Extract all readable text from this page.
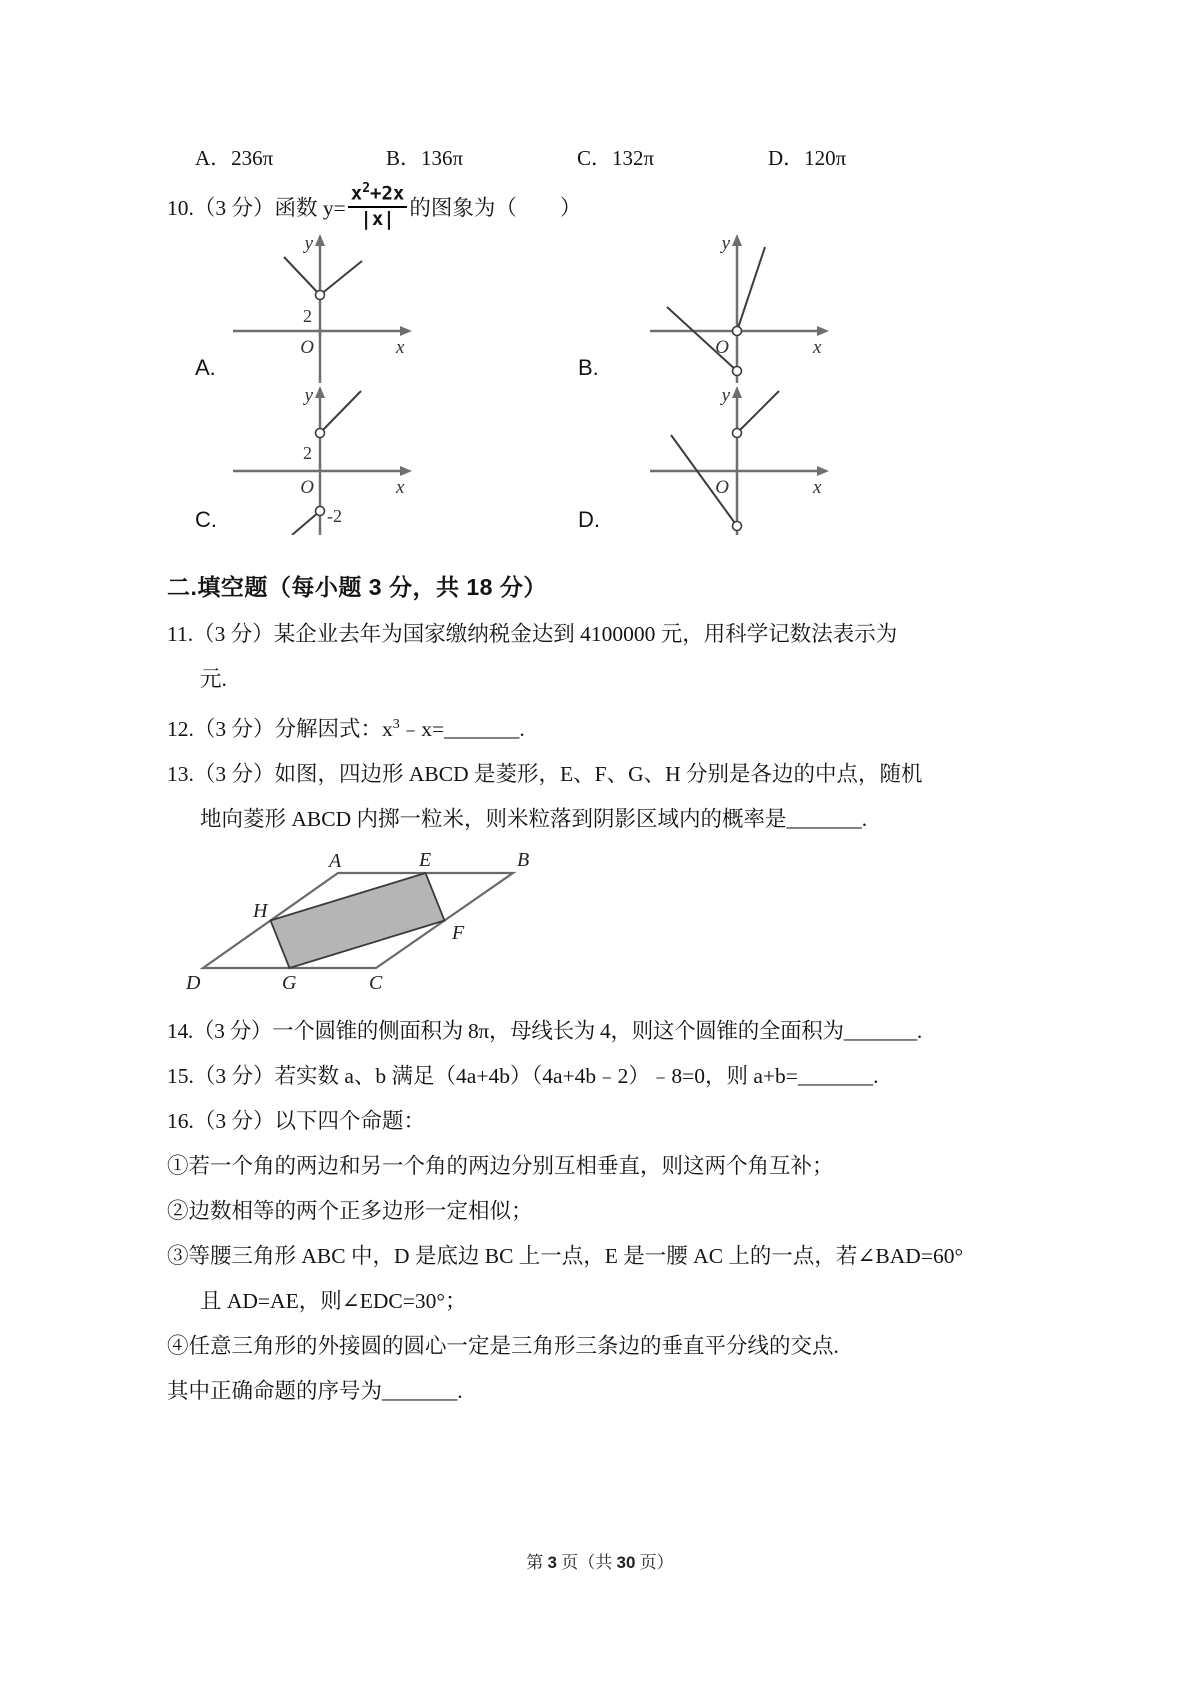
A．236π	B．136π	C．132π	D．120π
10.（3 分）函数 $y= \frac{x^2+2x}{|x|}$ 的图象为（　　）
y
x
O
2
A.
y
x
O
B.
y
x
O
2
-2
C.
y
x
O
D.
二.填空题（每小题 3 分，共 18 分）
11.（3 分）某企业去年为国家缴纳税金达到 4100000 元，用科学记数法表示为
元.
12.（3 分）分解因式：$x^3﹣x=\_\_\_\_\_\_\_$.
13.（3 分）如图，四边形 ABCD 是菱形，E、F、G、H 分别是各边的中点，随机
地向菱形 ABCD 内掷一粒米，则米粒落到阴影区域内的概率是_______.
A	E	B
H
F
D	G	C
14.（3 分）一个圆锥的侧面积为 8π，母线长为 4，则这个圆锥的全面积为_______.
15.（3 分）若实数 a、b 满足（4a+4b）（4a+4b﹣2）﹣8=0，则 a+b=_______.
16.（3 分）以下四个命题：
①若一个角的两边和另一个角的两边分别互相垂直，则这两个角互补；
②边数相等的两个正多边形一定相似；
③等腰三角形 ABC 中，D 是底边 BC 上一点，E 是一腰 AC 上的一点，若∠BAD=60°
且 AD=AE，则∠EDC=30°；
④任意三角形的外接圆的圆心一定是三角形三条边的垂直平分线的交点.
其中正确命题的序号为_______.
第 3 页（共 30 页）
